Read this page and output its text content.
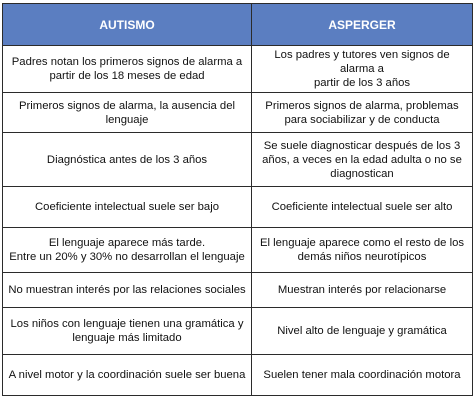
AUTISMO	ASPERGER

Padres notan los primeros signos de alarma a
partir de los 18 meses de edad	Los padres y tutores ven signos de alarma a
partir de los 3 años

Primeros signos de alarma, la ausencia del
lenguaje	Primeros signos de alarma, problemas
para sociabilizar y de conducta

Diagnóstica antes de los 3 años	Se suele diagnosticar después de los 3
años, a veces en la edad adulta o no se
diagnostican

Coeficiente intelectual suele ser bajo	Coeficiente intelectual suele ser alto

El lenguaje aparece más tarde.
Entre un 20% y 30% no desarrollan el lenguaje	El lenguaje aparece como el resto de los
demás niños neurotípicos

No muestran interés por las relaciones sociales	Muestran interés por relacionarse

Los niños con lenguaje tienen una gramática y
lenguaje más limitado	Nivel alto de lenguaje y gramática

A nivel motor y la coordinación suele ser buena	Suelen tener mala coordinación motora
